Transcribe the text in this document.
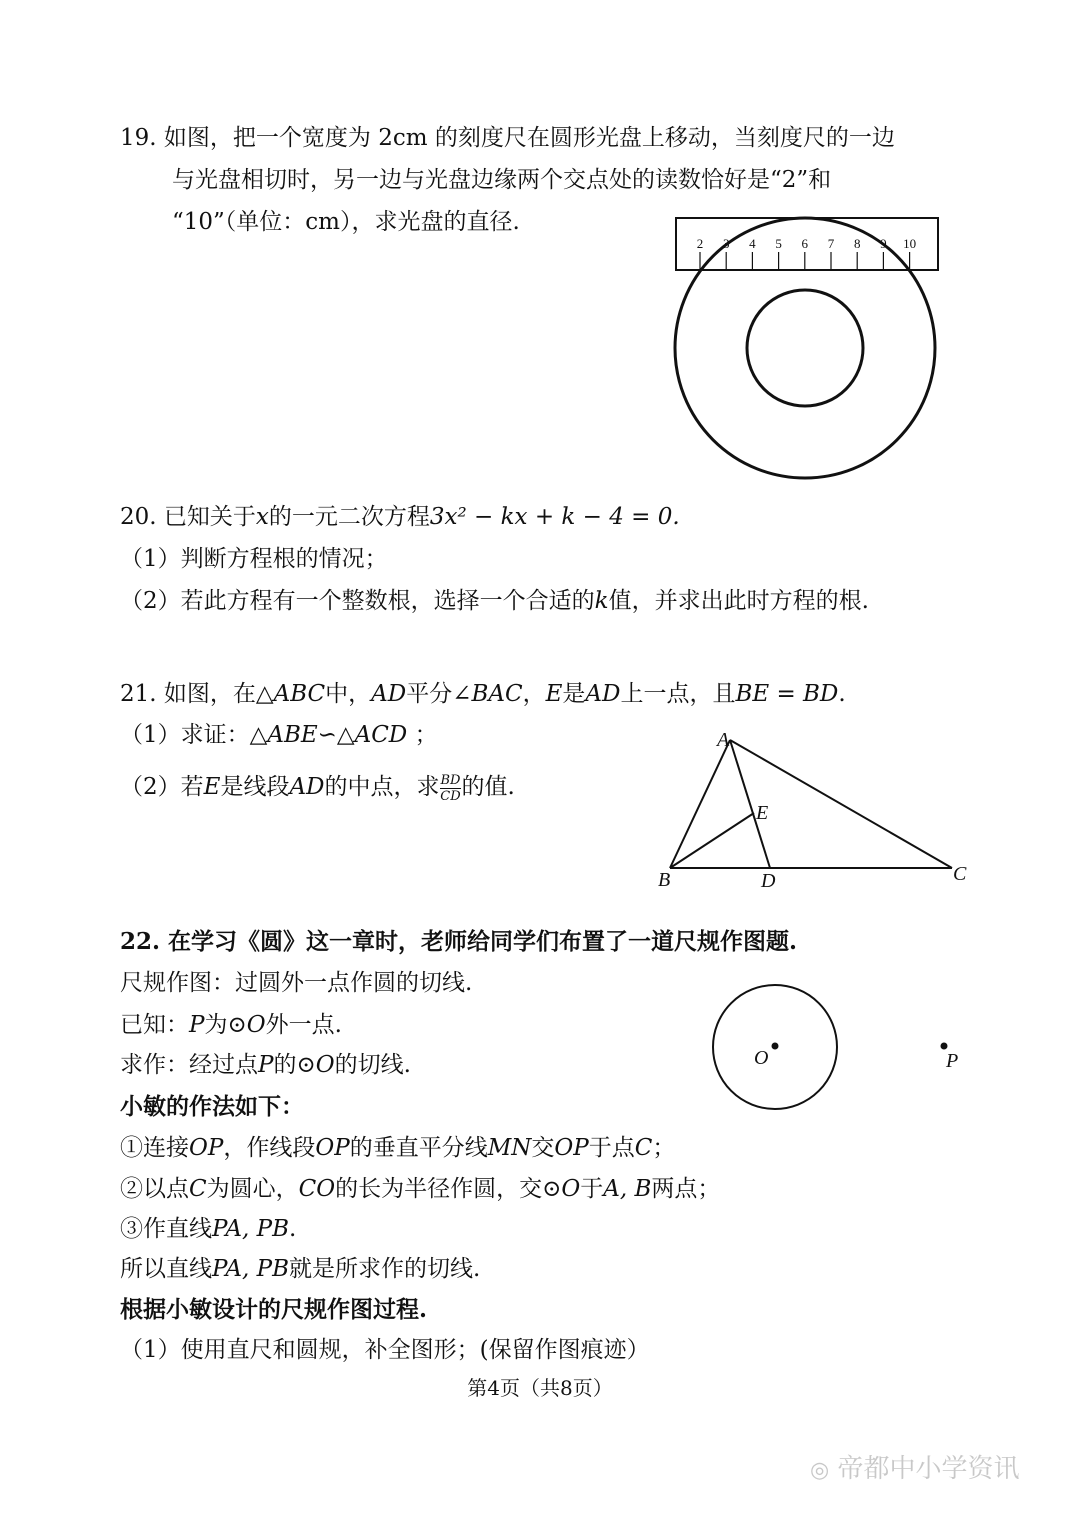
19. 如图，把一个宽度为 2cm 的刻度尺在圆形光盘上移动，当刻度尺的一边
与光盘相切时，另一边与光盘边缘两个交点处的读数恰好是“2”和
“10”（单位：cm），求光盘的直径.
2 3 4 5 6 7 8 9 10
20. 已知关于x的一元二次方程3x² − kx + k − 4 = 0.
（1）判断方程根的情况；
（2）若此方程有一个整数根，选择一个合适的k值，并求出此时方程的根.
21. 如图，在△ABC中，AD平分∠BAC，E是AD上一点，且BE = BD.
（1）求证：△ABE∽△ACD ；
（2）若E是线段AD的中点，求 $\frac{BD}{CD}$ 的值.
A
B	C
D
E
22. 在学习《圆》这一章时，老师给同学们布置了一道尺规作图题.
尺规作图：过圆外一点作圆的切线.
已知：P为⊙O外一点.
求作：经过点P的⊙O的切线.
小敏的作法如下：
①连接OP，作线段OP的垂直平分线MN交OP于点C；
②以点C为圆心，CO的长为半径作圆，交⊙O于A, B两点；
③作直线PA, PB.
所以直线PA, PB就是所求作的切线.
根据小敏设计的尺规作图过程.
（1）使用直尺和圆规，补全图形；(保留作图痕迹）
O	P
第4页（共8页）
◎ 帝都中小学资讯
